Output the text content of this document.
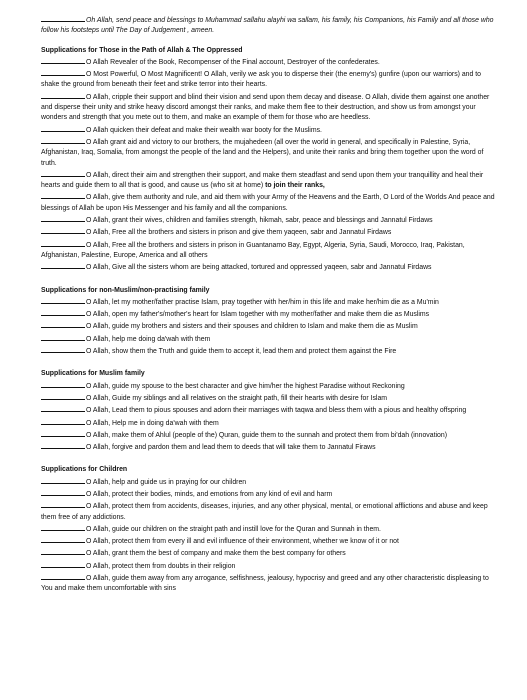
Oh Allah, send peace and blessings to Muhammad sallahu alayhi wa sallam, his family, his Companions, his Family and all those who follow his footsteps until The Day of Judgement , ameen.
Supplications for Those in the Path of Allah & The Oppressed
O Allah Revealer of the Book, Recompenser of the Final account, Destroyer of the confederates.
O Most Powerful, O Most Magnificent! O Allah, verily we ask you to disperse their (the enemy's) gunfire (upon our warriors) and to shake the ground from beneath their feet and strike terror into their hearts.
O Allah, cripple their support and blind their vision and send upon them decay and disease. O Allah, divide them against one another and disperse their unity and strike heavy discord amongst their ranks, and make them flee to their destruction, and show us from amongst your wonders and strength that you mete out to them, and make an example of them for those who are heedless.
O Allah quicken their defeat and make their wealth war booty for the Muslims.
O Allah grant aid and victory to our brothers, the mujahedeen (all over the world in general, and specifically in Palestine, Syria, Afghanistan, Iraq, Somalia, from amongst the people of the land and the Helpers), and unite their ranks and bring them together upon the word of truth.
O Allah, direct their aim and strengthen their support, and make them steadfast and send upon them your tranquillity and heal their hearts and guide them to all that is good, and cause us (who sit at home) to join their ranks,
O Allah, give them authority and rule, and aid them with your Army of the Heavens and the Earth, O Lord of the Worlds And peace and blessings of Allah be upon His Messenger and his family and all the companions.
O Allah, grant their wives, children and families strength, hikmah, sabr, peace and blessings and Jannatul Firdaws
O Allah, Free all the brothers and sisters in prison and give them yaqeen, sabr and Jannatul Firdaws
O Allah, Free all the brothers and sisters in prison in Guantanamo Bay, Egypt, Algeria, Syria, Saudi, Morocco, Iraq, Pakistan, Afghanistan, Palestine, Europe, America and all others
O Allah, Give all the sisters whom are being attacked, tortured and oppressed yaqeen, sabr and Jannatul Firdaws
Supplications for non-Muslim/non-practising family
O Allah, let my mother/father practise Islam, pray together with her/him in this life and make her/him die as a Mu'min
O Allah, open my father's/mother's heart for Islam together with my mother/father and make them die as Muslims
O Allah, guide my brothers and sisters and their spouses and children to Islam and make them die as Muslim
O Allah, help me doing da'wah with them
O Allah, show them the Truth and guide them to accept it, lead them and protect them against the Fire
Supplications for Muslim family
O Allah, guide my spouse to the best character and give him/her the highest Paradise without Reckoning
O Allah, Guide my siblings and all relatives on the straight path, fill their hearts with desire for Islam
O Allah, Lead them to pious spouses and adorn their marriages with taqwa and bless them with a pious and healthy offspring
O Allah, Help me in doing da'wah with them
O Allah, make them of Ahlul (people of the) Quran, guide them to the sunnah and protect them from bi'dah (innovation)
O Allah, forgive and pardon them and lead them to deeds that will take them to Jannatul Firaws
Supplications for Children
O Allah, help and guide us in praying for our children
O Allah, protect their bodies, minds, and emotions from any kind of evil and harm
O Allah, protect them from accidents, diseases, injuries, and any other physical, mental, or emotional afflictions and abuse and keep them free of any addictions.
O Allah, guide our children on the straight path and instill love for the Quran and Sunnah in them.
O Allah, protect them from every ill and evil influence of their environment, whether we know of it or not
O Allah, grant them the best of company and make them the best company for others
O Allah, protect them from doubts in their religion
O Allah, guide them away from any arrogance, selfishness, jealousy, hypocrisy and greed and any other characteristic displeasing to You and make them uncomfortable with sins
